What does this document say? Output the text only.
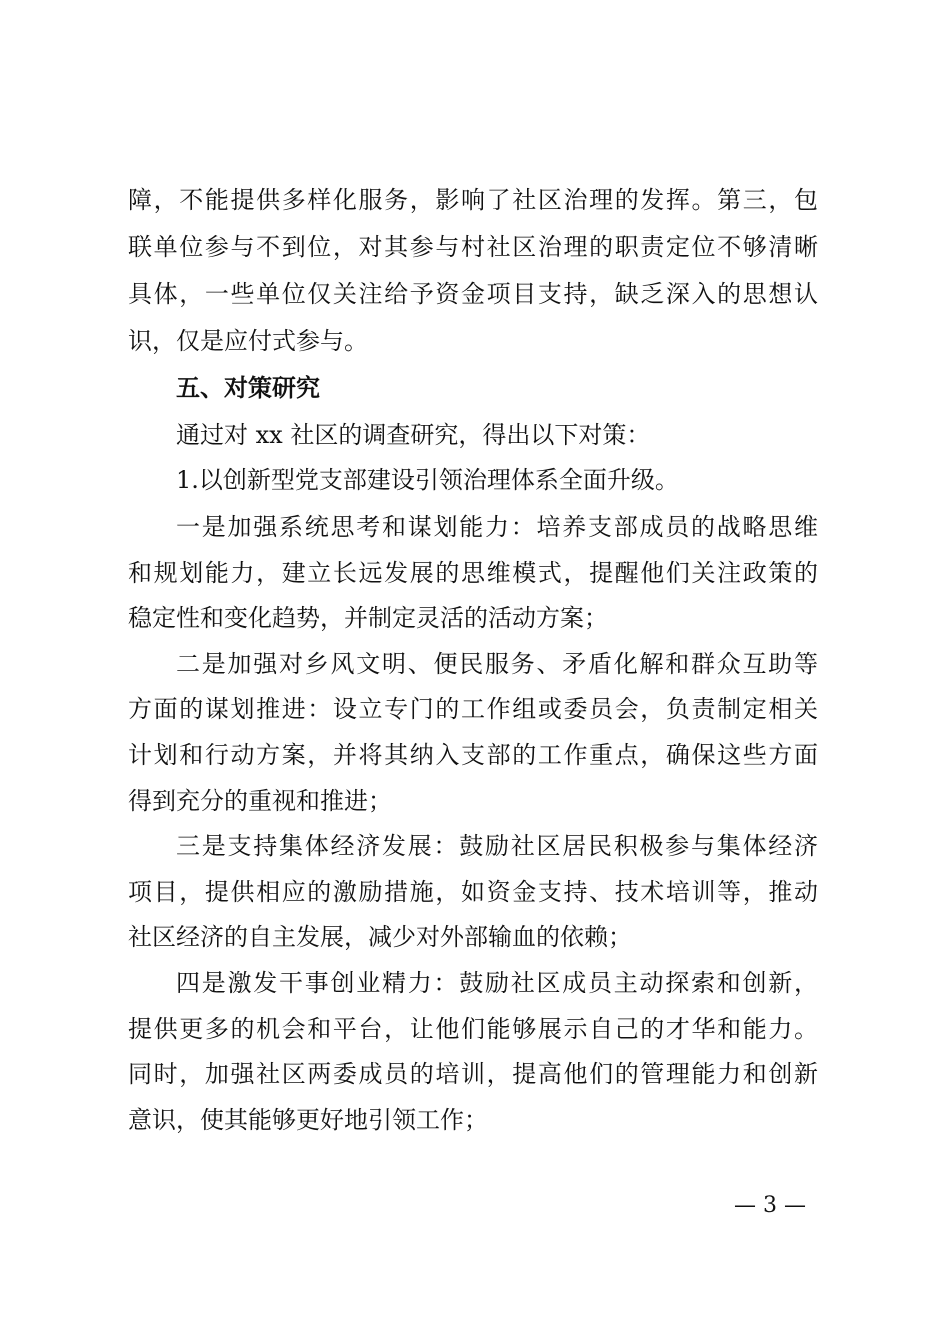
障，不能提供多样化服务，影响了社区治理的发挥。第三，包
联单位参与不到位，对其参与村社区治理的职责定位不够清晰
具体，一些单位仅关注给予资金项目支持，缺乏深入的思想认
识，仅是应付式参与。
五、对策研究
通过对 xx 社区的调查研究，得出以下对策：
1.以创新型党支部建设引领治理体系全面升级。
一是加强系统思考和谋划能力：培养支部成员的战略思维
和规划能力，建立长远发展的思维模式，提醒他们关注政策的
稳定性和变化趋势，并制定灵活的活动方案；
二是加强对乡风文明、便民服务、矛盾化解和群众互助等
方面的谋划推进：设立专门的工作组或委员会，负责制定相关
计划和行动方案，并将其纳入支部的工作重点，确保这些方面
得到充分的重视和推进；
三是支持集体经济发展：鼓励社区居民积极参与集体经济
项目，提供相应的激励措施，如资金支持、技术培训等，推动
社区经济的自主发展，减少对外部输血的依赖；
四是激发干事创业精力：鼓励社区成员主动探索和创新，
提供更多的机会和平台，让他们能够展示自己的才华和能力。
同时，加强社区两委成员的培训，提高他们的管理能力和创新
意识，使其能够更好地引领工作；
— 3 —
